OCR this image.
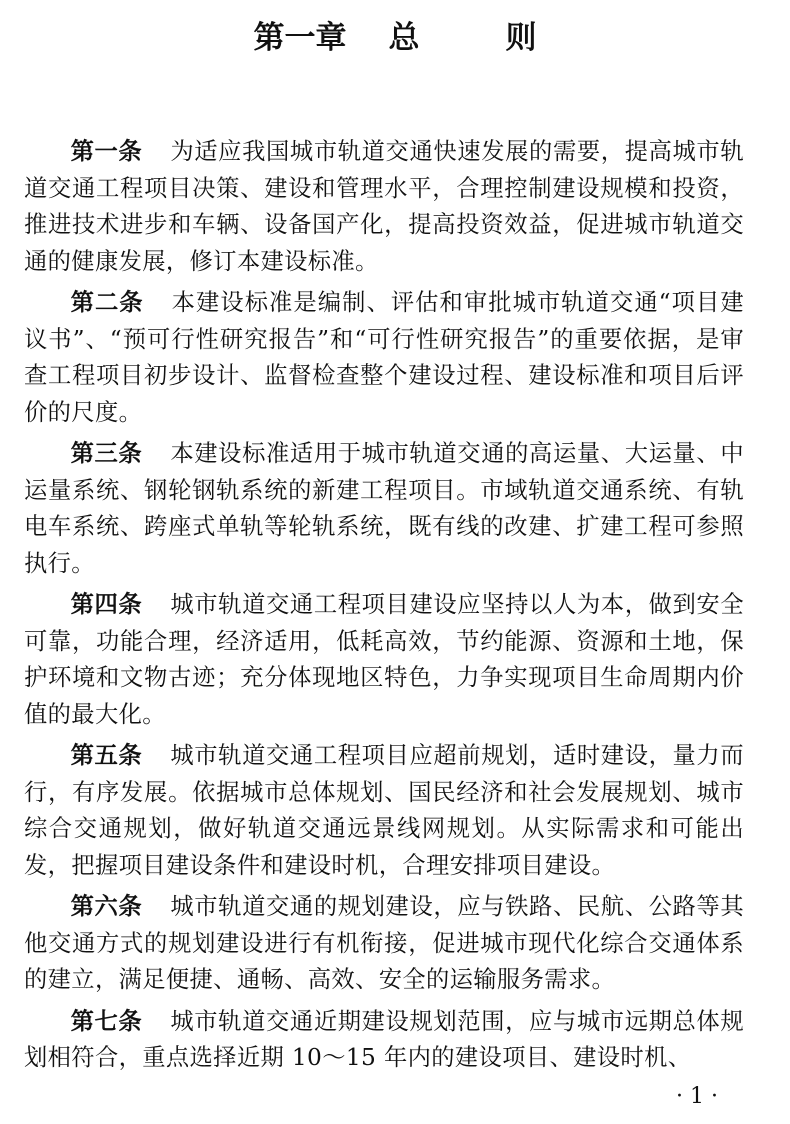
第一章 总	则

第一条 为适应我国城市轨道交通快速发展的需要，提高城市轨道交通工程项目决策、建设和管理水平，合理控制建设规模和投资，推进技术进步和车辆、设备国产化，提高投资效益，促进城市轨道交通的健康发展，修订本建设标准。

第二条 本建设标准是编制、评估和审批城市轨道交通“项目建议书”、“预可行性研究报告”和“可行性研究报告”的重要依据，是审查工程项目初步设计、监督检查整个建设过程、建设标准和项目后评价的尺度。

第三条 本建设标准适用于城市轨道交通的高运量、大运量、中运量系统、钢轮钢轨系统的新建工程项目。市域轨道交通系统、有轨电车系统、跨座式单轨等轮轨系统，既有线的改建、扩建工程可参照执行。

第四条 城市轨道交通工程项目建设应坚持以人为本，做到安全可靠，功能合理，经济适用，低耗高效，节约能源、资源和土地，保护环境和文物古迹；充分体现地区特色，力争实现项目生命周期内价值的最大化。

第五条 城市轨道交通工程项目应超前规划，适时建设，量力而行，有序发展。依据城市总体规划、国民经济和社会发展规划、城市综合交通规划，做好轨道交通远景线网规划。从实际需求和可能出发，把握项目建设条件和建设时机，合理安排项目建设。

第六条 城市轨道交通的规划建设，应与铁路、民航、公路等其他交通方式的规划建设进行有机衔接，促进城市现代化综合交通体系的建立，满足便捷、通畅、高效、安全的运输服务需求。

第七条 城市轨道交通近期建设规划范围，应与城市远期总体规划相符合，重点选择近期 10～15 年内的建设项目、建设时机、

· 1 ·
